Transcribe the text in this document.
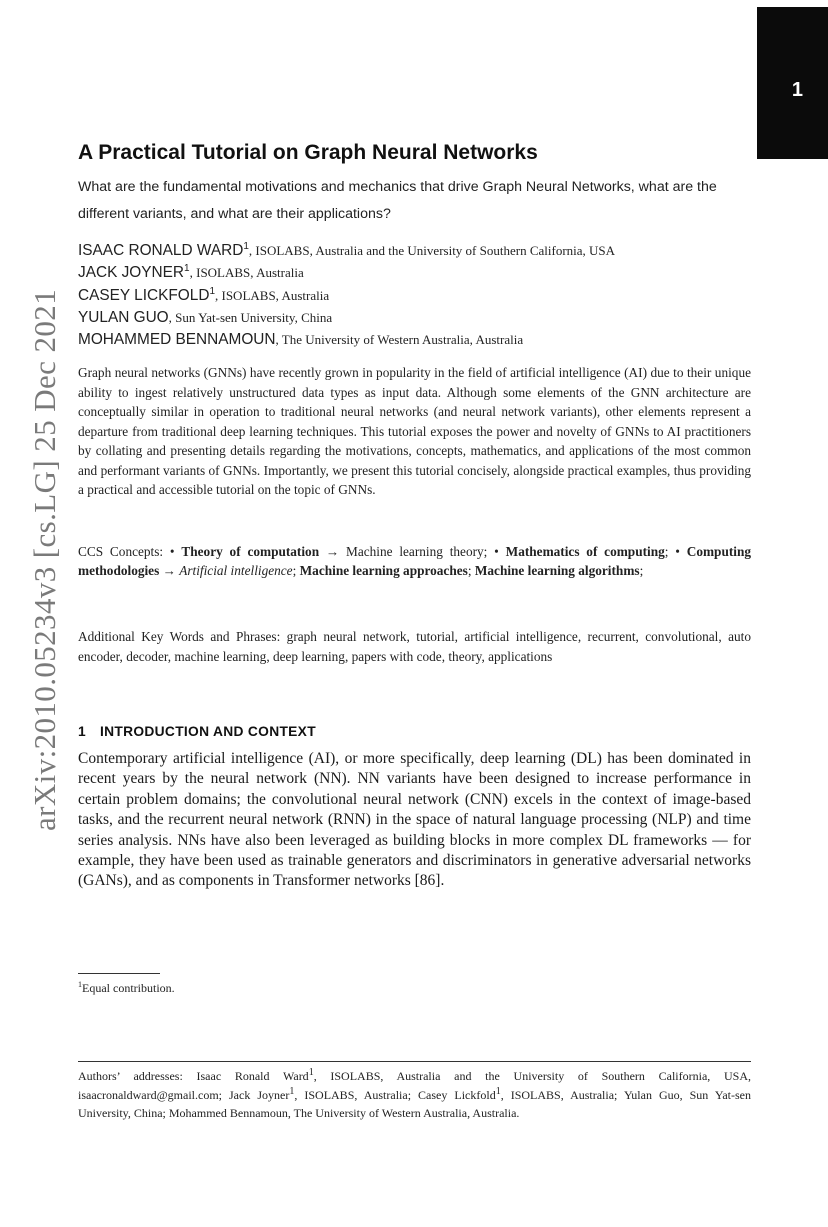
1
arXiv:2010.05234v3 [cs.LG] 25 Dec 2021
A Practical Tutorial on Graph Neural Networks
What are the fundamental motivations and mechanics that drive Graph Neural Networks, what are the different variants, and what are their applications?
ISAAC RONALD WARD$^1$, ISOLABS, Australia and the University of Southern California, USA
JACK JOYNER$^1$, ISOLABS, Australia
CASEY LICKFOLD$^1$, ISOLABS, Australia
YULAN GUO, Sun Yat-sen University, China
MOHAMMED BENNAMOUN, The University of Western Australia, Australia
Graph neural networks (GNNs) have recently grown in popularity in the field of artificial intelligence (AI) due to their unique ability to ingest relatively unstructured data types as input data. Although some elements of the GNN architecture are conceptually similar in operation to traditional neural networks (and neural network variants), other elements represent a departure from traditional deep learning techniques. This tutorial exposes the power and novelty of GNNs to AI practitioners by collating and presenting details regarding the motivations, concepts, mathematics, and applications of the most common and performant variants of GNNs. Importantly, we present this tutorial concisely, alongside practical examples, thus providing a practical and accessible tutorial on the topic of GNNs.
CCS Concepts: • Theory of computation → Machine learning theory; • Mathematics of computing; • Computing methodologies → Artificial intelligence; Machine learning approaches; Machine learning algorithms;
Additional Key Words and Phrases: graph neural network, tutorial, artificial intelligence, recurrent, convolutional, auto encoder, decoder, machine learning, deep learning, papers with code, theory, applications
1 INTRODUCTION AND CONTEXT
Contemporary artificial intelligence (AI), or more specifically, deep learning (DL) has been dominated in recent years by the neural network (NN). NN variants have been designed to increase performance in certain problem domains; the convolutional neural network (CNN) excels in the context of image-based tasks, and the recurrent neural network (RNN) in the space of natural language processing (NLP) and time series analysis. NNs have also been leveraged as building blocks in more complex DL frameworks — for example, they have been used as trainable generators and discriminators in generative adversarial networks (GANs), and as components in Transformer networks [86].
$^1$Equal contribution.
Authors’ addresses: Isaac Ronald Ward$^1$, ISOLABS, Australia and the University of Southern California, USA, isaacronaldward@gmail.com; Jack Joyner$^1$, ISOLABS, Australia; Casey Lickfold$^1$, ISOLABS, Australia; Yulan Guo, Sun Yat-sen University, China; Mohammed Bennamoun, The University of Western Australia, Australia.
